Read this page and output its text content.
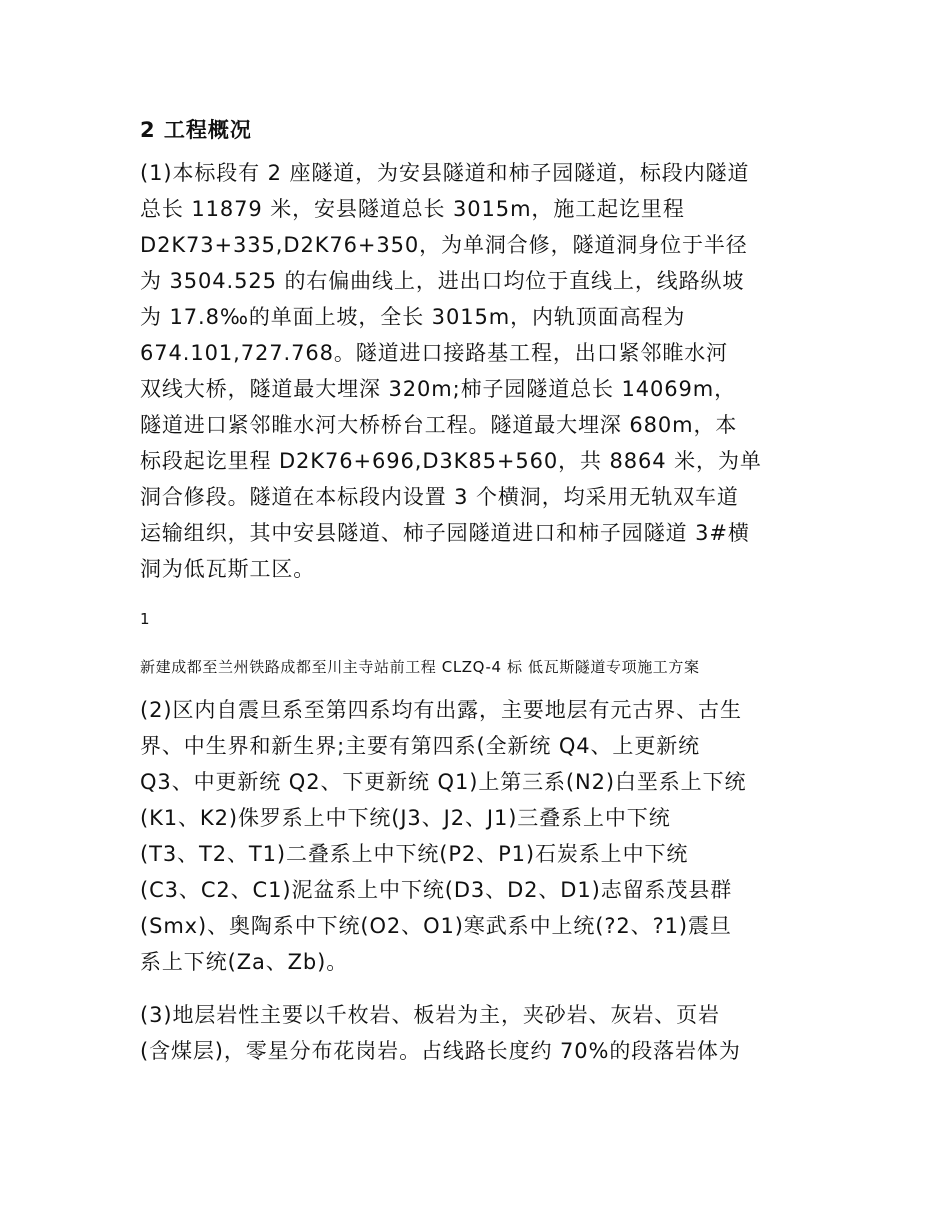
2 工程概况

(1)本标段有 2 座隧道，为安县隧道和柿子园隧道，标段内隧道
总长 11879 米，安县隧道总长 3015m，施工起讫里程
D2K73+335,D2K76+350，为单洞合修，隧道洞身位于半径
为 3504.525 的右偏曲线上，进出口均位于直线上，线路纵坡
为 17.8‰的单面上坡，全长 3015m，内轨顶面高程为
674.101,727.768。隧道进口接路基工程，出口紧邻睢水河
双线大桥，隧道最大埋深 320m;柿子园隧道总长 14069m，
隧道进口紧邻睢水河大桥桥台工程。隧道最大埋深 680m，本
标段起讫里程 D2K76+696,D3K85+560，共 8864 米，为单
洞合修段。隧道在本标段内设置 3 个横洞，均采用无轨双车道
运输组织，其中安县隧道、柿子园隧道进口和柿子园隧道 3#横
洞为低瓦斯工区。

1
新建成都至兰州铁路成都至川主寺站前工程 CLZQ-4 标 低瓦斯隧道专项施工方案

(2)区内自震旦系至第四系均有出露，主要地层有元古界、古生
界、中生界和新生界;主要有第四系(全新统 Q4、上更新统
Q3、中更新统 Q2、下更新统 Q1)上第三系(N2)白垩系上下统
(K1、K2)侏罗系上中下统(J3、J2、J1)三叠系上中下统
(T3、T2、T1)二叠系上中下统(P2、P1)石炭系上中下统
(C3、C2、C1)泥盆系上中下统(D3、D2、D1)志留系茂县群
(Smx)、奥陶系中下统(O2、O1)寒武系中上统(?2、?1)震旦
系上下统(Za、Zb)。

(3)地层岩性主要以千枚岩、板岩为主，夹砂岩、灰岩、页岩
(含煤层)，零星分布花岗岩。占线路长度约 70%的段落岩体为
